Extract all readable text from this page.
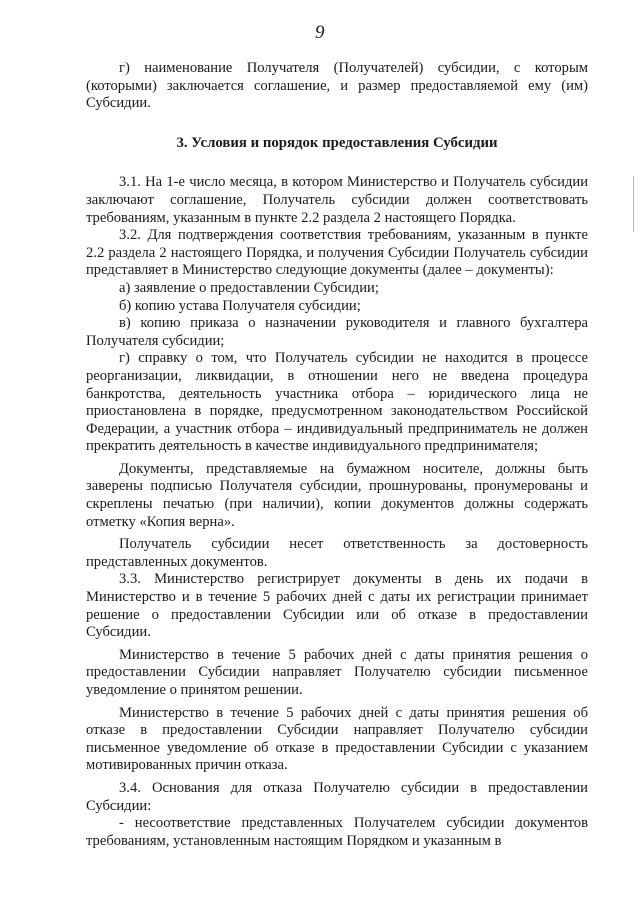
9

г) наименование Получателя (Получателей) субсидии, с которым (которыми) заключается соглашение, и размер предоставляемой ему (им) Субсидии.

3. Условия и порядок предоставления Субсидии

3.1. На 1-е число месяца, в котором Министерство и Получатель субсидии заключают соглашение, Получатель субсидии должен соответствовать требованиям, указанным в пункте 2.2 раздела 2 настоящего Порядка.

3.2. Для подтверждения соответствия требованиям, указанным в пункте 2.2 раздела 2 настоящего Порядка, и получения Субсидии Получатель субсидии представляет в Министерство следующие документы (далее – документы):

а) заявление о предоставлении Субсидии;

б) копию устава Получателя субсидии;

в) копию приказа о назначении руководителя и главного бухгалтера Получателя субсидии;

г) справку о том, что Получатель субсидии не находится в процессе реорганизации, ликвидации, в отношении него не введена процедура банкротства, деятельность участника отбора – юридического лица не приостановлена в порядке, предусмотренном законодательством Российской Федерации, а участник отбора – индивидуальный предприниматель не должен прекратить деятельность в качестве индивидуального предпринимателя;

Документы, представляемые на бумажном носителе, должны быть заверены подписью Получателя субсидии, прошнурованы, пронумерованы и скреплены печатью (при наличии), копии документов должны содержать отметку «Копия верна».

Получатель субсидии несет ответственность за достоверность представленных документов.

3.3. Министерство регистрирует документы в день их подачи в Министерство и в течение 5 рабочих дней с даты их регистрации принимает решение о предоставлении Субсидии или об отказе в предоставлении Субсидии.

Министерство в течение 5 рабочих дней с даты принятия решения о предоставлении Субсидии направляет Получателю субсидии письменное уведомление о принятом решении.

Министерство в течение 5 рабочих дней с даты принятия решения об отказе в предоставлении Субсидии направляет Получателю субсидии письменное уведомление об отказе в предоставлении Субсидии с указанием мотивированных причин отказа.

3.4. Основания для отказа Получателю субсидии в предоставлении Субсидии:

- несоответствие представленных Получателем субсидии документов требованиям, установленным настоящим Порядком и указанным в
